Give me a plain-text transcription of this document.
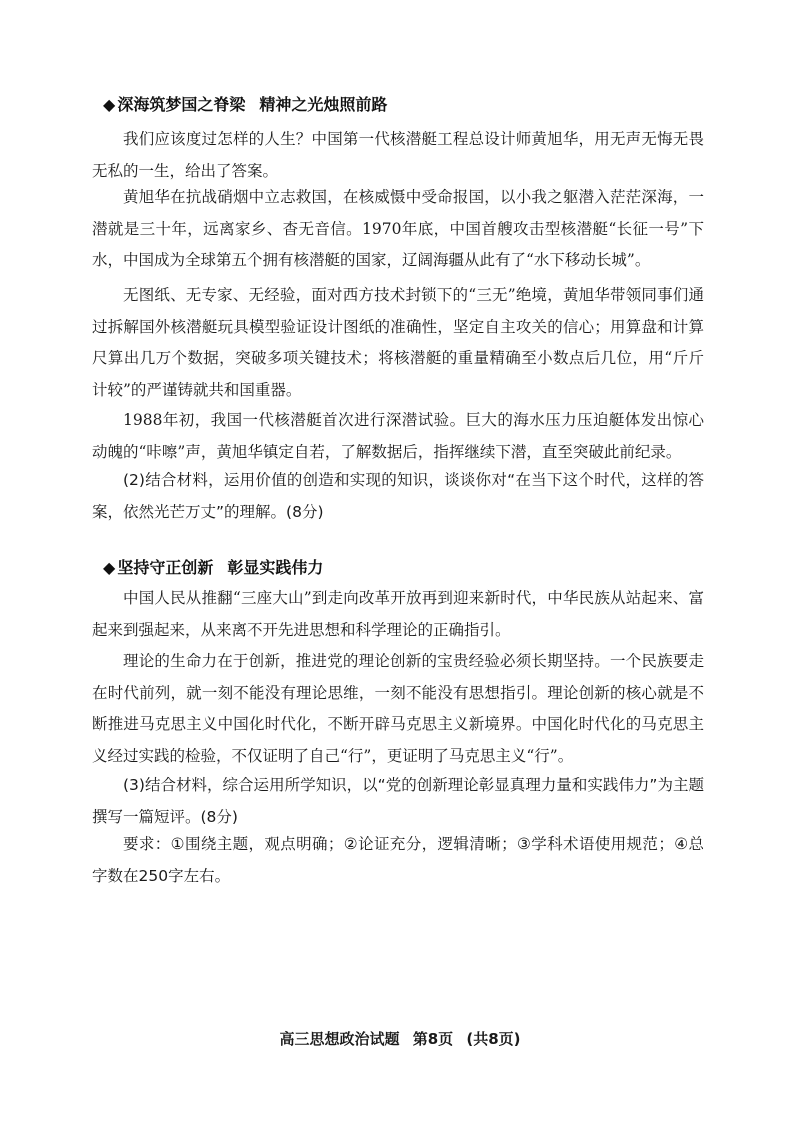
◆ 深海筑梦国之脊梁 精神之光烛照前路
我们应该度过怎样的人生？中国第一代核潜艇工程总设计师黄旭华，用无声无悔无畏无私的一生，给出了答案。
黄旭华在抗战硝烟中立志救国，在核威慑中受命报国，以小我之躯潜入茫茫深海，一潜就是三十年，远离家乡、杳无音信。1970年底，中国首艘攻击型核潜艇“长征一号”下水，中国成为全球第五个拥有核潜艇的国家，辽阔海疆从此有了“水下移动长城”。
无图纸、无专家、无经验，面对西方技术封锁下的“三无”绝境，黄旭华带领同事们通过拆解国外核潜艇玩具模型验证设计图纸的准确性，坚定自主攻关的信心；用算盘和计算尺算出几万个数据，突破多项关键技术；将核潜艇的重量精确至小数点后几位，用“斤斤计较”的严谨铸就共和国重器。
1988年初，我国一代核潜艇首次进行深潜试验。巨大的海水压力压迫艇体发出惊心动魄的“咔嚓”声，黄旭华镇定自若，了解数据后，指挥继续下潜，直至突破此前纪录。
(2)结合材料，运用价值的创造和实现的知识，谈谈你对“在当下这个时代，这样的答案，依然光芒万丈”的理解。(8分)
◆ 坚持守正创新 彰显实践伟力
中国人民从推翻“三座大山”到走向改革开放再到迎来新时代，中华民族从站起来、富起来到强起来，从来离不开先进思想和科学理论的正确指引。
理论的生命力在于创新，推进党的理论创新的宝贵经验必须长期坚持。一个民族要走在时代前列，就一刻不能没有理论思维，一刻不能没有思想指引。理论创新的核心就是不断推进马克思主义中国化时代化，不断开辟马克思主义新境界。中国化时代化的马克思主义经过实践的检验，不仅证明了自己“行”，更证明了马克思主义“行”。
(3)结合材料，综合运用所学知识，以“党的创新理论彰显真理力量和实践伟力”为主题撰写一篇短评。(8分)
要求：①围绕主题，观点明确；②论证充分，逻辑清晰；③学科术语使用规范；④总字数在250字左右。
高三思想政治试题 第8页 (共8页)
